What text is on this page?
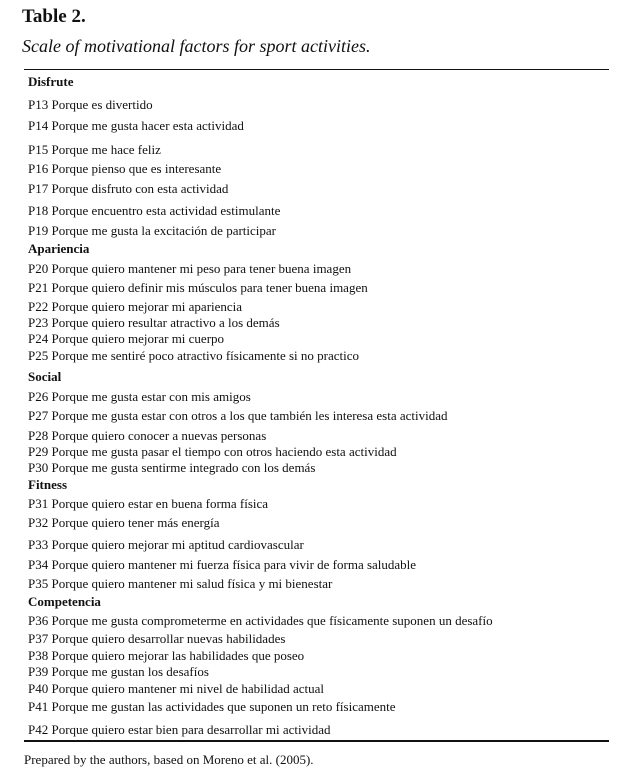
Table 2.
Scale of motivational factors for sport activities.
Disfrute
P13 Porque es divertido
P14 Porque me gusta hacer esta actividad
P15 Porque me hace feliz
P16 Porque pienso que es interesante
P17 Porque disfruto con esta actividad
P18 Porque encuentro esta actividad estimulante
P19 Porque me gusta la excitación de participar
Apariencia
P20 Porque quiero mantener mi peso para tener buena imagen
P21 Porque quiero definir mis músculos para tener buena imagen
P22 Porque quiero mejorar mi apariencia
P23 Porque quiero resultar atractivo a los demás
P24 Porque quiero mejorar mi cuerpo
P25 Porque me sentiré poco atractivo físicamente si no practico
Social
P26 Porque me gusta estar con mis amigos
P27 Porque me gusta estar con otros a los que también les interesa esta actividad
P28 Porque quiero conocer a nuevas personas
P29 Porque me gusta pasar el tiempo con otros haciendo esta actividad
P30 Porque me gusta sentirme integrado con los demás
Fitness
P31 Porque quiero estar en buena forma física
P32 Porque quiero tener más energía
P33 Porque quiero mejorar mi aptitud cardiovascular
P34 Porque quiero mantener mi fuerza física para vivir de forma saludable
P35 Porque quiero mantener mi salud física y mi bienestar
Competencia
P36 Porque me gusta comprometerme en actividades que físicamente suponen un desafío
P37 Porque quiero desarrollar nuevas habilidades
P38 Porque quiero mejorar las habilidades que poseo
P39 Porque me gustan los desafíos
P40 Porque quiero mantener mi nivel de habilidad actual
P41 Porque me gustan las actividades que suponen un reto físicamente
P42 Porque quiero estar bien para desarrollar mi actividad
Prepared by the authors, based on Moreno et al. (2005).
